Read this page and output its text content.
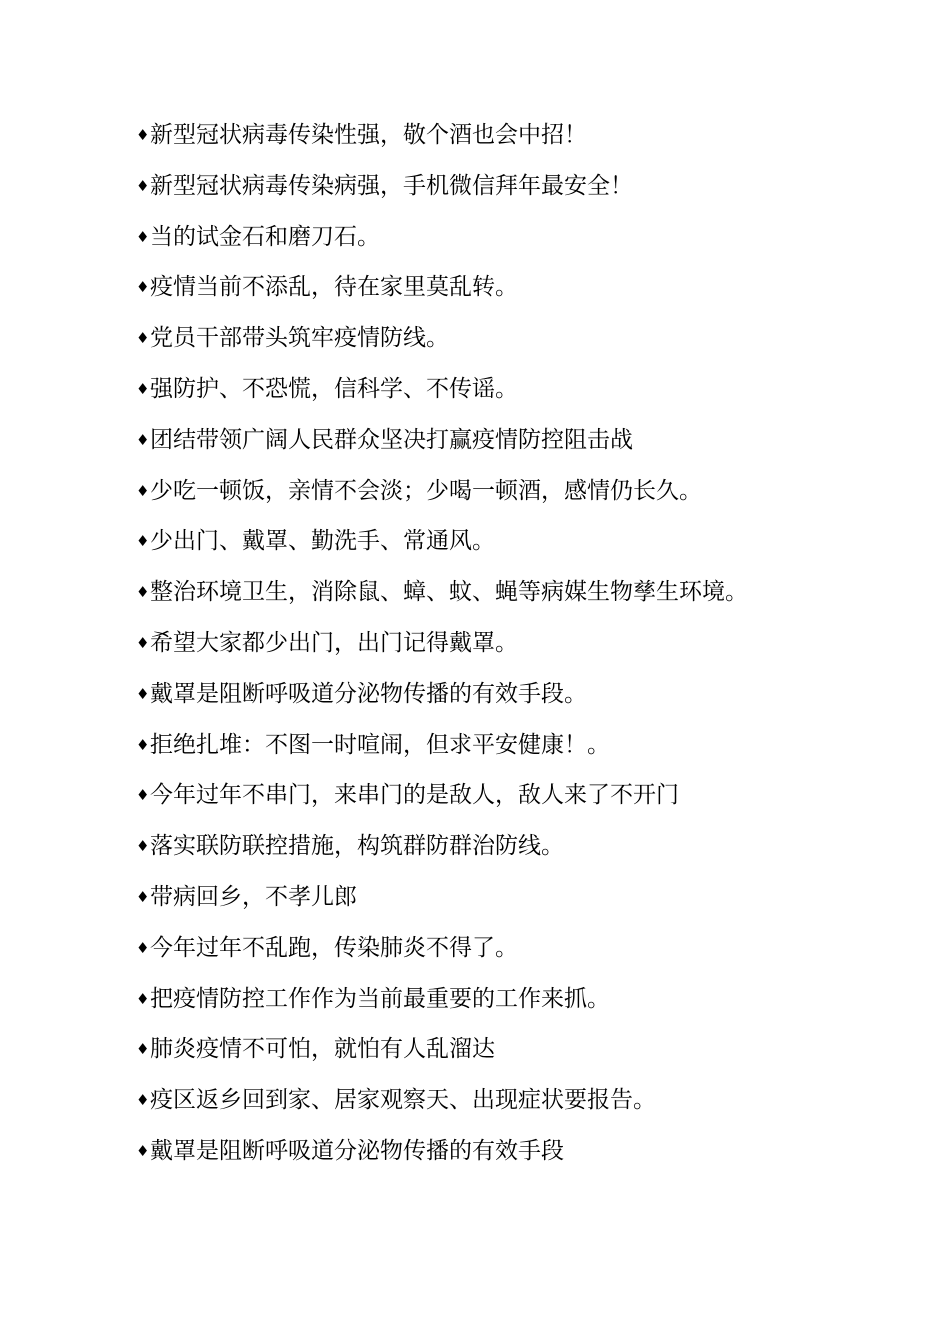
♦新型冠状病毒传染性强，敬个酒也会中招！
♦新型冠状病毒传染病强，手机微信拜年最安全！
♦当的试金石和磨刀石。
♦疫情当前不添乱，待在家里莫乱转。
♦党员干部带头筑牢疫情防线。
♦强防护、不恐慌，信科学、不传谣。
♦团结带领广阔人民群众坚决打赢疫情防控阻击战
♦少吃一顿饭，亲情不会淡；少喝一顿酒，感情仍长久。
♦少出门、戴罩、勤洗手、常通风。
♦整治环境卫生，消除鼠、蟑、蚊、蝇等病媒生物孳生环境。
♦希望大家都少出门，出门记得戴罩。
♦戴罩是阻断呼吸道分泌物传播的有效手段。
♦拒绝扎堆：不图一时喧闹，但求平安健康！。
♦今年过年不串门，来串门的是敌人，敌人来了不开门
♦落实联防联控措施，构筑群防群治防线。
♦带病回乡，不孝儿郎
♦今年过年不乱跑，传染肺炎不得了。
♦把疫情防控工作作为当前最重要的工作来抓。
♦肺炎疫情不可怕，就怕有人乱溜达
♦疫区返乡回到家、居家观察天、出现症状要报告。
♦戴罩是阻断呼吸道分泌物传播的有效手段
